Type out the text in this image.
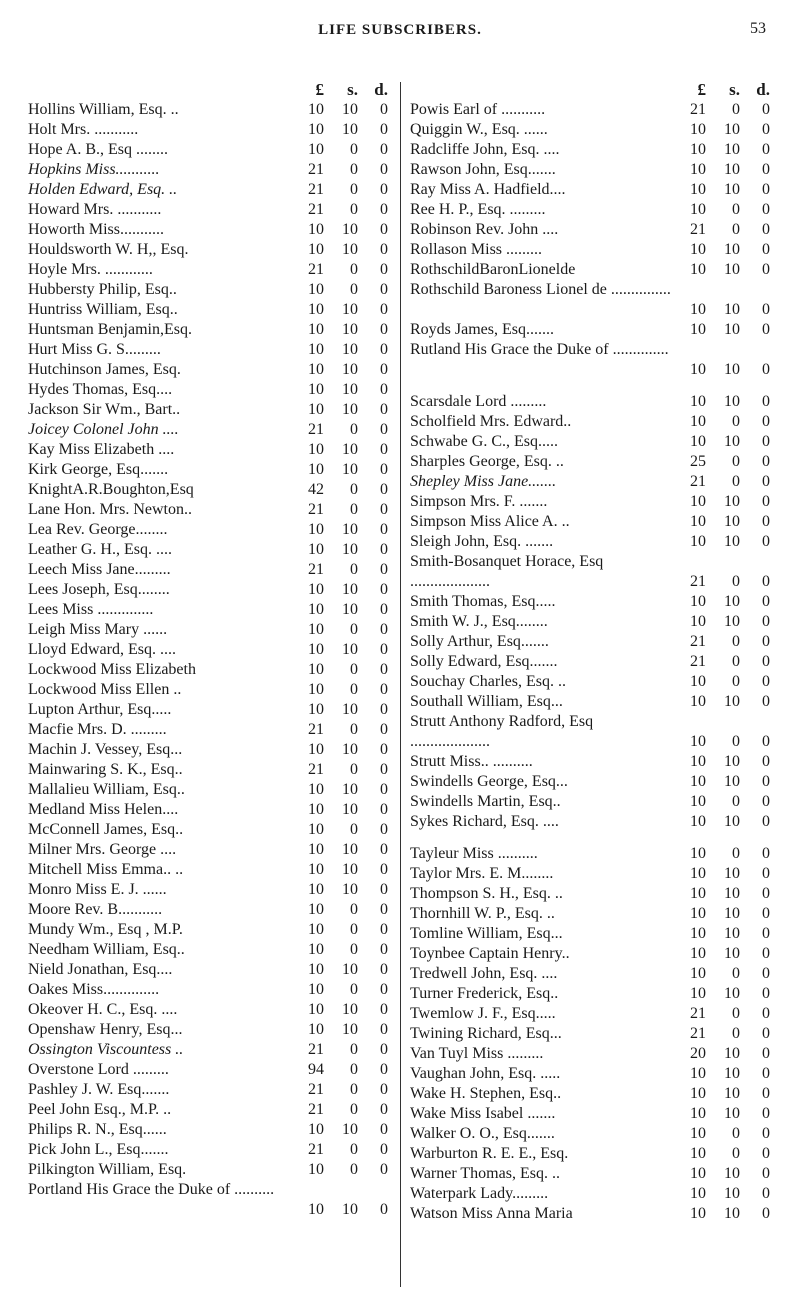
LIFE SUBSCRIBERS.	53
£	s. d.
Hollins William, Esq. ..	10	10	0
Holt Mrs. ...........	10	10	0
Hope A. B., Esq ........	10	0	0
Hopkins Miss...........	21	0	0
Holden Edward, Esq. ..	21	0	0
Howard Mrs. ...........	21	0	0
Howorth Miss...........	10	10	0
Houldsworth W. H,, Esq.	10	10	0
Hoyle Mrs. ............	21	0	0
Hubbersty Philip, Esq..	10	0	0
Huntriss William, Esq..	10	10	0
Huntsman Benjamin,Esq.	10	10	0
Hurt Miss G. S.........	10	10	0
Hutchinson James, Esq.	10	10	0
Hydes Thomas, Esq....	10	10	0
Jackson Sir Wm., Bart..	10	10	0
Joicey Colonel John ....	21	0	0
Kay Miss Elizabeth ....	10	10	0
Kirk George, Esq.......	10	10	0
KnightA.R.Boughton,Esq	42	0	0
Lane Hon. Mrs. Newton..	21	0	0
Lea Rev. George........	10	10	0
Leather G. H., Esq. ....	10	10	0
Leech Miss Jane.........	21	0	0
Lees Joseph, Esq........	10	10	0
Lees Miss ..............	10	10	0
Leigh Miss Mary ......	10	0	0
Lloyd Edward, Esq. ....	10	10	0
Lockwood Miss Elizabeth	10	0	0
Lockwood Miss Ellen ..	10	0	0
Lupton Arthur, Esq.....	10	10	0
Macfie Mrs. D. .........	21	0	0
Machin J. Vessey, Esq...	10	10	0
Mainwaring S. K., Esq..	21	0	0
Mallalieu William, Esq..	10	10	0
Medland Miss Helen....	10	10	0
McConnell James, Esq..	10	0	0
Milner Mrs. George ....	10	10	0
Mitchell Miss Emma.. ..	10	10	0
Monro Miss E. J. ......	10	10	0
Moore Rev. B...........	10	0	0
Mundy Wm., Esq , M.P.	10	0	0
Needham William, Esq..	10	0	0
Nield Jonathan, Esq....	10	10	0
Oakes Miss..............	10	0	0
Okeover H. C., Esq. ....	10	10	0
Openshaw Henry, Esq...	10	10	0
Ossington Viscountess ..	21	0	0
Overstone Lord .........	94	0	0
Pashley J. W. Esq.......	21	0	0
Peel John Esq., M.P. ..	21	0	0
Philips R. N., Esq......	10	10	0
Pick John L., Esq.......	21	0	0
Pilkington William, Esq.	10	0	0
Portland His Grace the Duke of ..........
10	10	0
£	s. d.
Powis Earl of ...........	21	0	0
Quiggin W., Esq. ......	10	10	0
Radcliffe John, Esq. ....	10	10	0
Rawson John, Esq.......	10	10	0
Ray Miss A. Hadfield....	10	10	0
Ree H. P., Esq. .........	10	0	0
Robinson Rev. John ....	21	0	0
Rollason Miss .........	10	10	0
RothschildBaronLionelde	10	10	0
Rothschild Baroness Lionel de ...............
10	10	0
Royds James, Esq.......	10	10	0
Rutland His Grace the Duke of ..............
10	10	0
Scarsdale Lord .........	10	10	0
Scholfield Mrs. Edward..	10	0	0
Schwabe G. C., Esq.....	10	10	0
Sharples George, Esq. ..	25	0	0
Shepley Miss Jane.......	21	0	0
Simpson Mrs. F. .......	10	10	0
Simpson Miss Alice A. ..	10	10	0
Sleigh John, Esq. .......	10	10	0
Smith-Bosanquet Horace, Esq ....................	21	0	0
Smith Thomas, Esq.....	10	10	0
Smith W. J., Esq........	10	10	0
Solly Arthur, Esq.......	21	0	0
Solly Edward, Esq.......	21	0	0
Souchay Charles, Esq. ..	10	0	0
Southall William, Esq...	10	10	0
Strutt Anthony Radford, Esq ....................	10	0	0
Strutt Miss.. ..........	10	10	0
Swindells George, Esq...	10	10	0
Swindells Martin, Esq..	10	0	0
Sykes Richard, Esq. ....	10	10	0
Tayleur Miss ..........	10	0	0
Taylor Mrs. E. M........	10	10	0
Thompson S. H., Esq. ..	10	10	0
Thornhill W. P., Esq. ..	10	10	0
Tomline William, Esq...	10	10	0
Toynbee Captain Henry..	10	10	0
Tredwell John, Esq. ....	10	0	0
Turner Frederick, Esq..	10	10	0
Twemlow J. F., Esq.....	21	0	0
Twining Richard, Esq...	21	0	0
Van Tuyl Miss .........	20	10	0
Vaughan John, Esq. .....	10	10	0
Wake H. Stephen, Esq..	10	10	0
Wake Miss Isabel .......	10	10	0
Walker O. O., Esq.......	10	0	0
Warburton R. E. E., Esq.	10	0	0
Warner Thomas, Esq. ..	10	10	0
Waterpark Lady.........	10	10	0
Watson Miss Anna Maria	10	10	0
